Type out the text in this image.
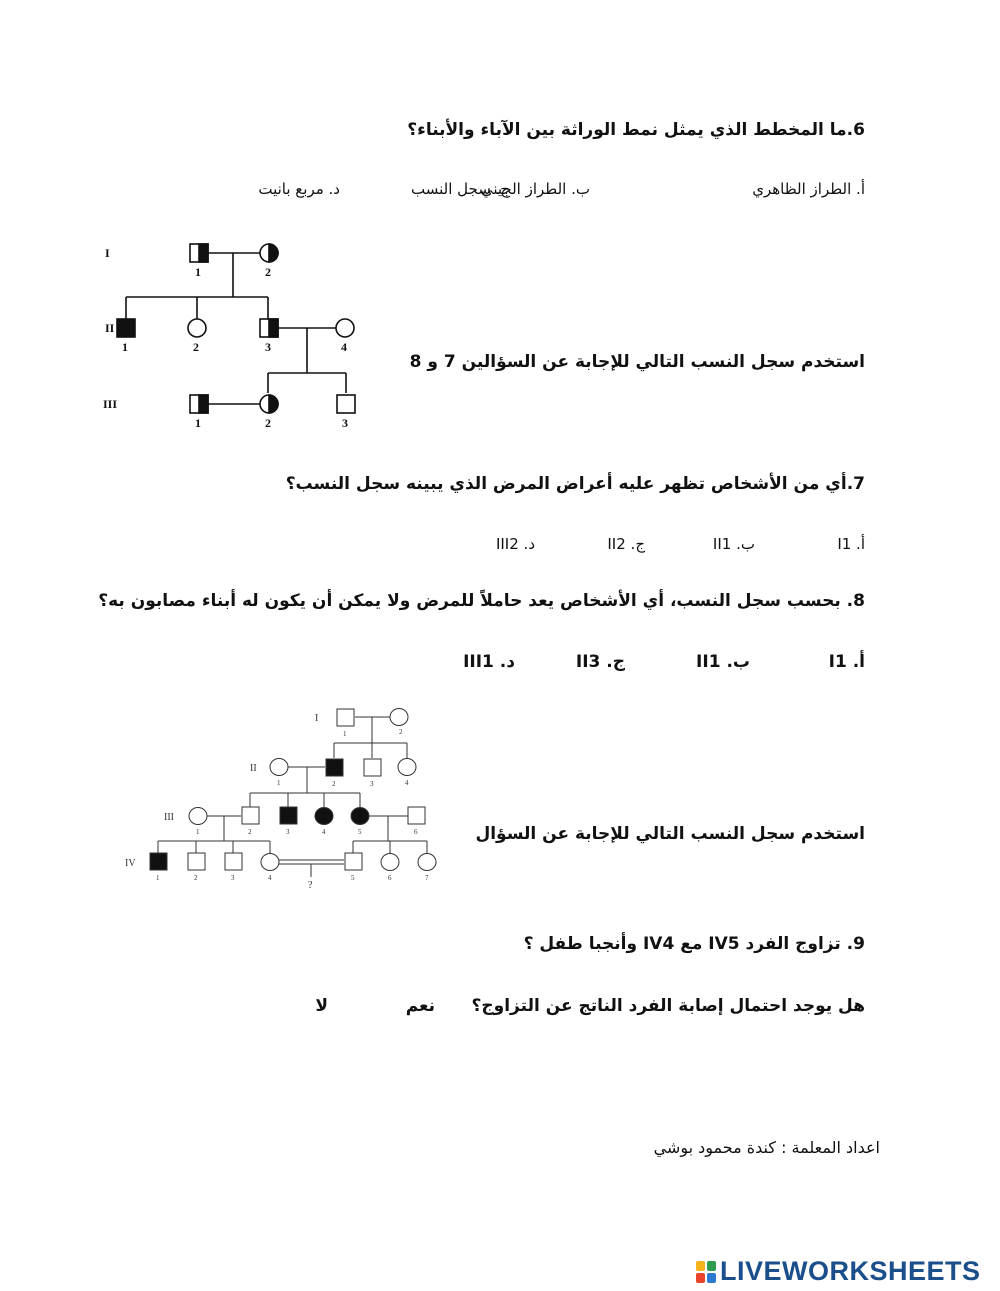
6.ما المخطط الذي يمثل نمط الوراثة بين الآباء والأبناء؟
أ. الطراز الظاهري
ب. الطراز الجيني
ج. سجل النسب
د. مربع بانيت
I
II
III
1	2
1	2	3	4
1	2	3
استخدم سجل النسب التالي للإجابة عن السؤالين 7 و 8
7.أي من الأشخاص تظهر عليه أعراض المرض الذي يبينه سجل النسب؟
أ. I1
ب. II1
ج. II2
د. III2
8. بحسب سجل النسب، أي الأشخاص يعد حاملاً للمرض ولا يمكن أن يكون له أبناء مصابون به؟
أ. I1
ب. II1
ج. II3
د. III1
I
II
III
IV
1	2
1	2	3	4
1	2	3	4	5	6
1	2	3	4	5	6	7
?
استخدم سجل النسب التالي للإجابة عن السؤال
9. تزاوج الفرد IV5 مع IV4 وأنجبا طفل ؟
هل يوجد احتمال إصابة الفرد الناتج عن التزاوج؟
نعم
لا
اعداد المعلمة : كندة محمود بوشي
LIVEWORKSHEETS
